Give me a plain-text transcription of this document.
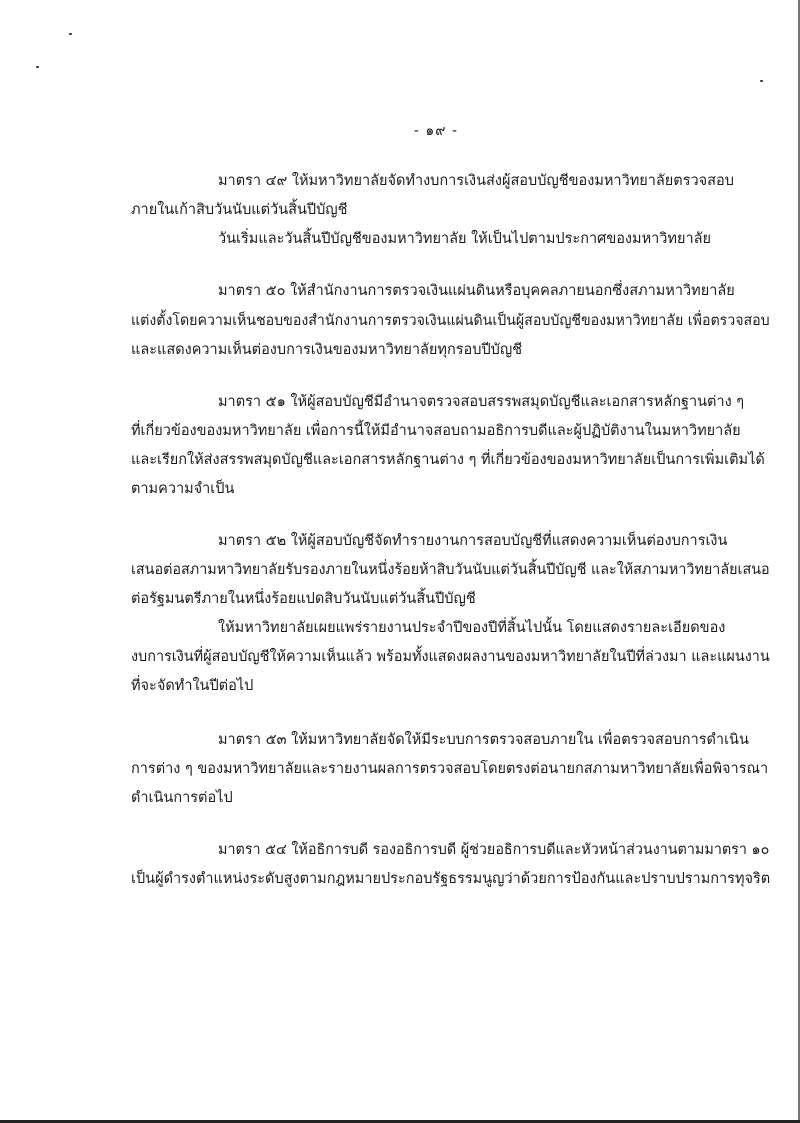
- ๑๙ -
มาตรา ๔๙ ให้มหาวิทยาลัยจัดทำงบการเงินส่งผู้สอบบัญชีของมหาวิทยาลัยตรวจสอบ
ภายในเก้าสิบวันนับแต่วันสิ้นปีบัญชี
วันเริ่มและวันสิ้นปีบัญชีของมหาวิทยาลัย ให้เป็นไปตามประกาศของมหาวิทยาลัย
มาตรา ๕๐ ให้สำนักงานการตรวจเงินแผ่นดินหรือบุคคลภายนอกซึ่งสภามหาวิทยาลัย
แต่งตั้งโดยความเห็นชอบของสำนักงานการตรวจเงินแผ่นดินเป็นผู้สอบบัญชีของมหาวิทยาลัย เพื่อตรวจสอบ
และแสดงความเห็นต่องบการเงินของมหาวิทยาลัยทุกรอบปีบัญชี
มาตรา ๕๑ ให้ผู้สอบบัญชีมีอำนาจตรวจสอบสรรพสมุดบัญชีและเอกสารหลักฐานต่าง ๆ
ที่เกี่ยวข้องของมหาวิทยาลัย เพื่อการนี้ให้มีอำนาจสอบถามอธิการบดีและผู้ปฏิบัติงานในมหาวิทยาลัย
และเรียกให้ส่งสรรพสมุดบัญชีและเอกสารหลักฐานต่าง ๆ ที่เกี่ยวข้องของมหาวิทยาลัยเป็นการเพิ่มเติมได้
ตามความจำเป็น
มาตรา ๕๒ ให้ผู้สอบบัญชีจัดทำรายงานการสอบบัญชีที่แสดงความเห็นต่องบการเงิน
เสนอต่อสภามหาวิทยาลัยรับรองภายในหนึ่งร้อยห้าสิบวันนับแต่วันสิ้นปีบัญชี และให้สภามหาวิทยาลัยเสนอ
ต่อรัฐมนตรีภายในหนึ่งร้อยแปดสิบวันนับแต่วันสิ้นปีบัญชี
ให้มหาวิทยาลัยเผยแพร่รายงานประจำปีของปีที่สิ้นไปนั้น โดยแสดงรายละเอียดของ
งบการเงินที่ผู้สอบบัญชีให้ความเห็นแล้ว พร้อมทั้งแสดงผลงานของมหาวิทยาลัยในปีที่ล่วงมา และแผนงาน
ที่จะจัดทำในปีต่อไป
มาตรา ๕๓ ให้มหาวิทยาลัยจัดให้มีระบบการตรวจสอบภายใน เพื่อตรวจสอบการดำเนิน
การต่าง ๆ ของมหาวิทยาลัยและรายงานผลการตรวจสอบโดยตรงต่อนายกสภามหาวิทยาลัยเพื่อพิจารณา
ดำเนินการต่อไป
มาตรา ๕๔ ให้อธิการบดี รองอธิการบดี ผู้ช่วยอธิการบดีและหัวหน้าส่วนงานตามมาตรา ๑๐
เป็นผู้ดำรงตำแหน่งระดับสูงตามกฎหมายประกอบรัฐธรรมนูญว่าด้วยการป้องกันและปราบปรามการทุจริต
